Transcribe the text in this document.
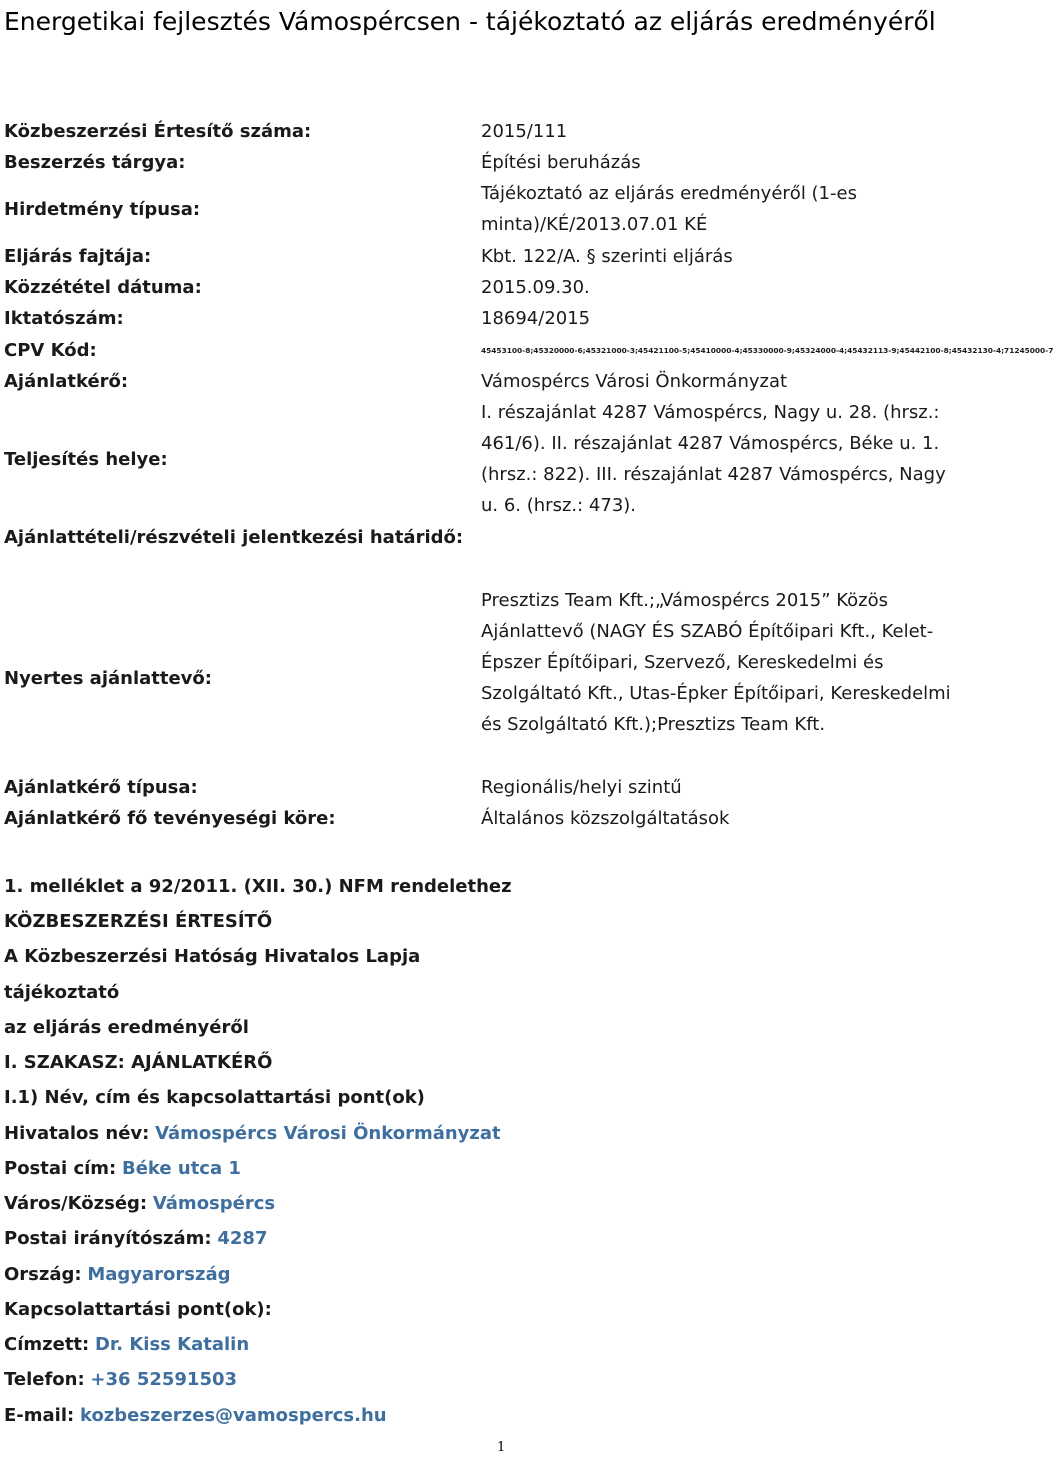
Energetikai fejlesztés Vámospércsen - tájékoztató az eljárás eredményéről
Közbeszerzési Értesítő száma:	2015/111
Beszerzés tárgya:	Építési beruházás
Hirdetmény típusa:
Tájékoztató az eljárás eredményéről (1-es minta)/KÉ/2013.07.01 KÉ
Eljárás fajtája:	Kbt. 122/A. § szerinti eljárás
Közzététel dátuma:	2015.09.30.
Iktatószám:	18694/2015
CPV Kód:	45453100-8;45320000-6;45321000-3;45421100-5;45410000-4;45330000-9;45324000-4;45432113-9;45442100-8;45432130-4;71245000-7
Ajánlatkérő:	Vámospércs Városi Önkormányzat
Teljesítés helye:
I. részajánlat 4287 Vámospércs, Nagy u. 28. (hrsz.: 461/6). II. részajánlat 4287 Vámospércs, Béke u. 1. (hrsz.: 822). III. részajánlat 4287 Vámospércs, Nagy u. 6. (hrsz.: 473).
Ajánlattételi/részvételi jelentkezési határidő:
Nyertes ajánlattevő:
Presztizs Team Kft.;„Vámospércs 2015” Közös Ajánlattevő (NAGY ÉS SZABÓ Építőipari Kft., Kelet-Épszer Építőipari, Szervező, Kereskedelmi és Szolgáltató Kft., Utas-Épker Építőipari, Kereskedelmi és Szolgáltató Kft.);Presztizs Team Kft.
Ajánlatkérő típusa:	Regionális/helyi szintű
Ajánlatkérő fő tevényeségi köre:	Általános közszolgáltatások
1. melléklet a 92/2011. (XII. 30.) NFM rendelethez
KÖZBESZERZÉSI ÉRTESÍTŐ
A Közbeszerzési Hatóság Hivatalos Lapja
tájékoztató
az eljárás eredményéről
I. SZAKASZ: AJÁNLATKÉRŐ
I.1) Név, cím és kapcsolattartási pont(ok)
Hivatalos név: Vámospércs Városi Önkormányzat
Postai cím: Béke utca 1
Város/Község: Vámospércs
Postai irányítószám: 4287
Ország: Magyarország
Kapcsolattartási pont(ok):
Címzett: Dr. Kiss Katalin
Telefon: +36 52591503
E-mail: kozbeszerzes@vamospercs.hu
1
